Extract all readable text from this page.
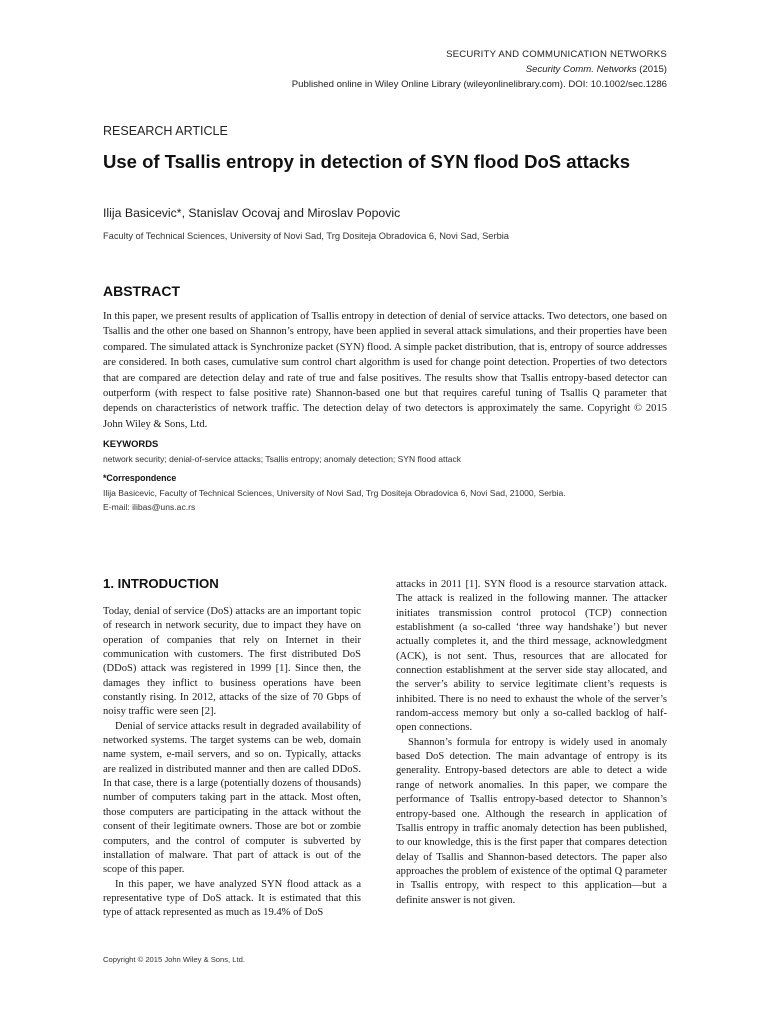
SECURITY AND COMMUNICATION NETWORKS
Security Comm. Networks (2015)
Published online in Wiley Online Library (wileyonlinelibrary.com). DOI: 10.1002/sec.1286
RESEARCH ARTICLE
Use of Tsallis entropy in detection of SYN flood DoS attacks
Ilija Basicevic*, Stanislav Ocovaj and Miroslav Popovic
Faculty of Technical Sciences, University of Novi Sad, Trg Dositeja Obradovica 6, Novi Sad, Serbia
ABSTRACT
In this paper, we present results of application of Tsallis entropy in detection of denial of service attacks. Two detectors, one based on Tsallis and the other one based on Shannon’s entropy, have been applied in several attack simulations, and their properties have been compared. The simulated attack is Synchronize packet (SYN) flood. A simple packet distribution, that is, entropy of source addresses are considered. In both cases, cumulative sum control chart algorithm is used for change point detection. Properties of two detectors that are compared are detection delay and rate of true and false positives. The results show that Tsallis entropy-based detector can outperform (with respect to false positive rate) Shannon-based one but that requires careful tuning of Tsallis Q parameter that depends on characteristics of network traffic. The detection delay of two detectors is approximately the same. Copyright © 2015 John Wiley & Sons, Ltd.
KEYWORDS
network security; denial-of-service attacks; Tsallis entropy; anomaly detection; SYN flood attack
*Correspondence
Ilija Basicevic, Faculty of Technical Sciences, University of Novi Sad, Trg Dositeja Obradovica 6, Novi Sad, 21000, Serbia.
E-mail: ilibas@uns.ac.rs
1. INTRODUCTION

Today, denial of service (DoS) attacks are an important topic of research in network security, due to impact they have on operation of companies that rely on Internet in their communication with customers. The first distributed DoS (DDoS) attack was registered in 1999 [1]. Since then, the damages they inflict to business operations have been constantly rising. In 2012, attacks of the size of 70 Gbps of noisy traffic were seen [2].

Denial of service attacks result in degraded availability of networked systems. The target systems can be web, domain name system, e-mail servers, and so on. Typically, attacks are realized in distributed manner and then are called DDoS. In that case, there is a large (potentially dozens of thousands) number of computers taking part in the attack. Most often, those computers are participating in the attack without the consent of their legitimate owners. Those are bot or zombie computers, and the control of computer is subverted by installation of malware. That part of attack is out of the scope of this paper.

In this paper, we have analyzed SYN flood attack as a representative type of DoS attack. It is estimated that this type of attack represented as much as 19.4% of DoS

attacks in 2011 [1]. SYN flood is a resource starvation attack. The attack is realized in the following manner. The attacker initiates transmission control protocol (TCP) connection establishment (a so-called ‘three way handshake’) but never actually completes it, and the third message, acknowledgment (ACK), is not sent. Thus, resources that are allocated for connection establishment at the server side stay allocated, and the server’s ability to service legitimate client’s requests is inhibited. There is no need to exhaust the whole of the server’s random-access memory but only a so-called backlog of half-open connections.

Shannon’s formula for entropy is widely used in anomaly based DoS detection. The main advantage of entropy is its generality. Entropy-based detectors are able to detect a wide range of network anomalies. In this paper, we compare the performance of Tsallis entropy-based detector to Shannon’s entropy-based one. Although the research in application of Tsallis entropy in traffic anomaly detection has been published, to our knowledge, this is the first paper that compares detection delay of Tsallis and Shannon-based detectors. The paper also approaches the problem of existence of the optimal Q parameter in Tsallis entropy, with respect to this application—but a definite answer is not given.

Copyright © 2015 John Wiley & Sons, Ltd.
